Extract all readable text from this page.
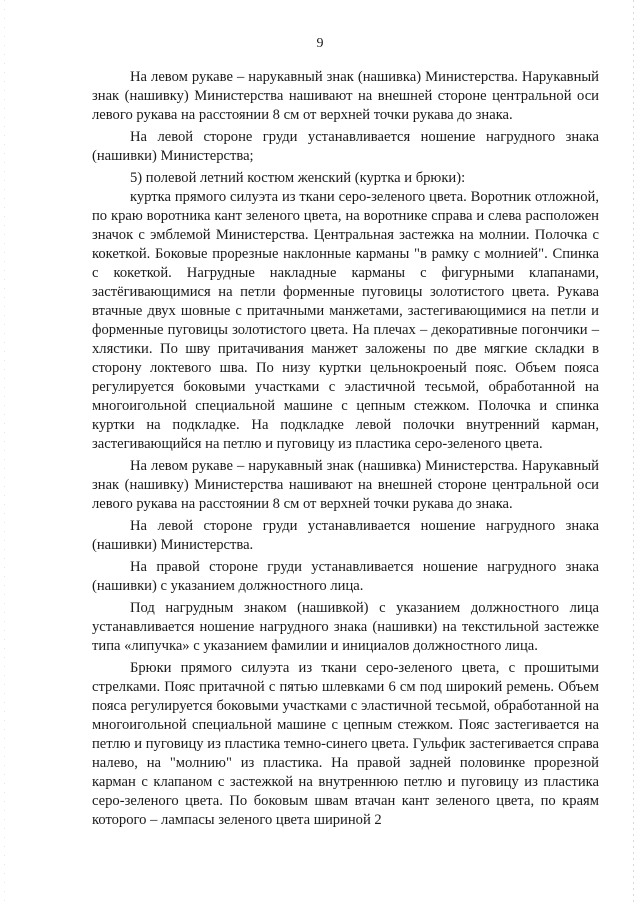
9

На левом рукаве – нарукавный знак (нашивка) Министерства. Нарукавный знак (нашивку) Министерства нашивают на внешней стороне центральной оси левого рукава на расстоянии 8 см от верхней точки рукава до знака.

На левой стороне груди устанавливается ношение нагрудного знака (нашивки) Министерства;

5) полевой летний костюм женский (куртка и брюки):

куртка прямого силуэта из ткани серо-зеленого цвета. Воротник отложной, по краю воротника кант зеленого цвета, на воротнике справа и слева расположен значок с эмблемой Министерства. Центральная застежка на молнии. Полочка с кокеткой. Боковые прорезные наклонные карманы "в рамку с молнией". Спинка с кокеткой. Нагрудные накладные карманы с фигурными клапанами, застёгивающимися на петли форменные пуговицы золотистого цвета. Рукава втачные двух шовные с притачными манжетами, застегивающимися на петли и форменные пуговицы золотистого цвета. На плечах – декоративные погончики – хлястики. По шву притачивания манжет заложены по две мягкие складки в сторону локтевого шва. По низу куртки цельнокроеный пояс. Объем пояса регулируется боковыми участками с эластичной тесьмой, обработанной на многоигольной специальной машине с цепным стежком. Полочка и спинка куртки на подкладке. На подкладке левой полочки внутренний карман, застегивающийся на петлю и пуговицу из пластика серо-зеленого цвета.

На левом рукаве – нарукавный знак (нашивка) Министерства. Нарукавный знак (нашивку) Министерства нашивают на внешней стороне центральной оси левого рукава на расстоянии 8 см от верхней точки рукава до знака.

На левой стороне груди устанавливается ношение нагрудного знака (нашивки) Министерства.

На правой стороне груди устанавливается ношение нагрудного знака (нашивки) с указанием должностного лица.

Под нагрудным знаком (нашивкой) с указанием должностного лица устанавливается ношение нагрудного знака (нашивки) на текстильной застежке типа «липучка» с указанием фамилии и инициалов должностного лица.

Брюки прямого силуэта из ткани серо-зеленого цвета, с прошитыми стрелками. Пояс притачной с пятью шлевками 6 см под широкий ремень. Объем пояса регулируется боковыми участками с эластичной тесьмой, обработанной на многоигольной специальной машине с цепным стежком. Пояс застегивается на петлю и пуговицу из пластика темно-синего цвета. Гульфик застегивается справа налево, на "молнию" из пластика. На правой задней половинке прорезной карман с клапаном с застежкой на внутреннюю петлю и пуговицу из пластика серо-зеленого цвета. По боковым швам втачан кант зеленого цвета, по краям которого – лампасы зеленого цвета шириной 2
